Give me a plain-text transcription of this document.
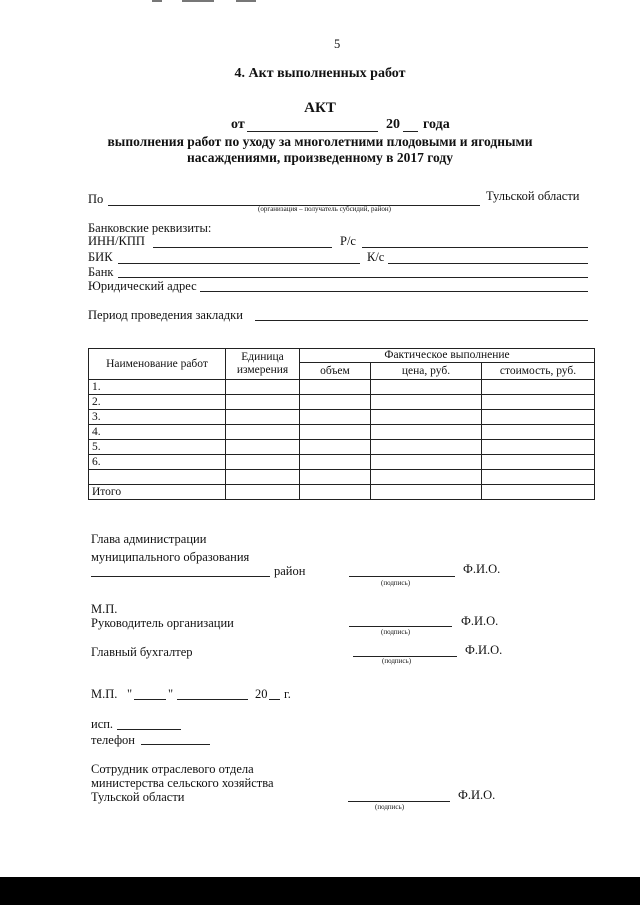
5
4. Акт выполненных работ
АКТ
от	20 года
выполнения работ по уходу за многолетними плодовыми и ягодными
насаждениями, произведенному в 2017 году
По	Тульской области
(организация – получатель субсидий, район)
Банковские реквизиты:
ИНН/КПП	Р/с
БИК	К/с
Банк
Юридический адрес
Период проведения закладки
Наименование работ	Единица измерения	Фактическое выполнение		
		объем	цена, руб.	стоимость, руб.
1.				
2.				
3.				
4.				
5.				
6.				

Итого				
Глава администрации
муниципального образования
район
(подпись)
Ф.И.О.
М.П.
Руководитель организации
(подпись)
Ф.И.О.
Главный бухгалтер
(подпись)
Ф.И.О.
М.П. "	"	20 г.
исп.
телефон
Сотрудник отраслевого отдела
министерства сельского хозяйства
Тульской области
(подпись)
Ф.И.О.
